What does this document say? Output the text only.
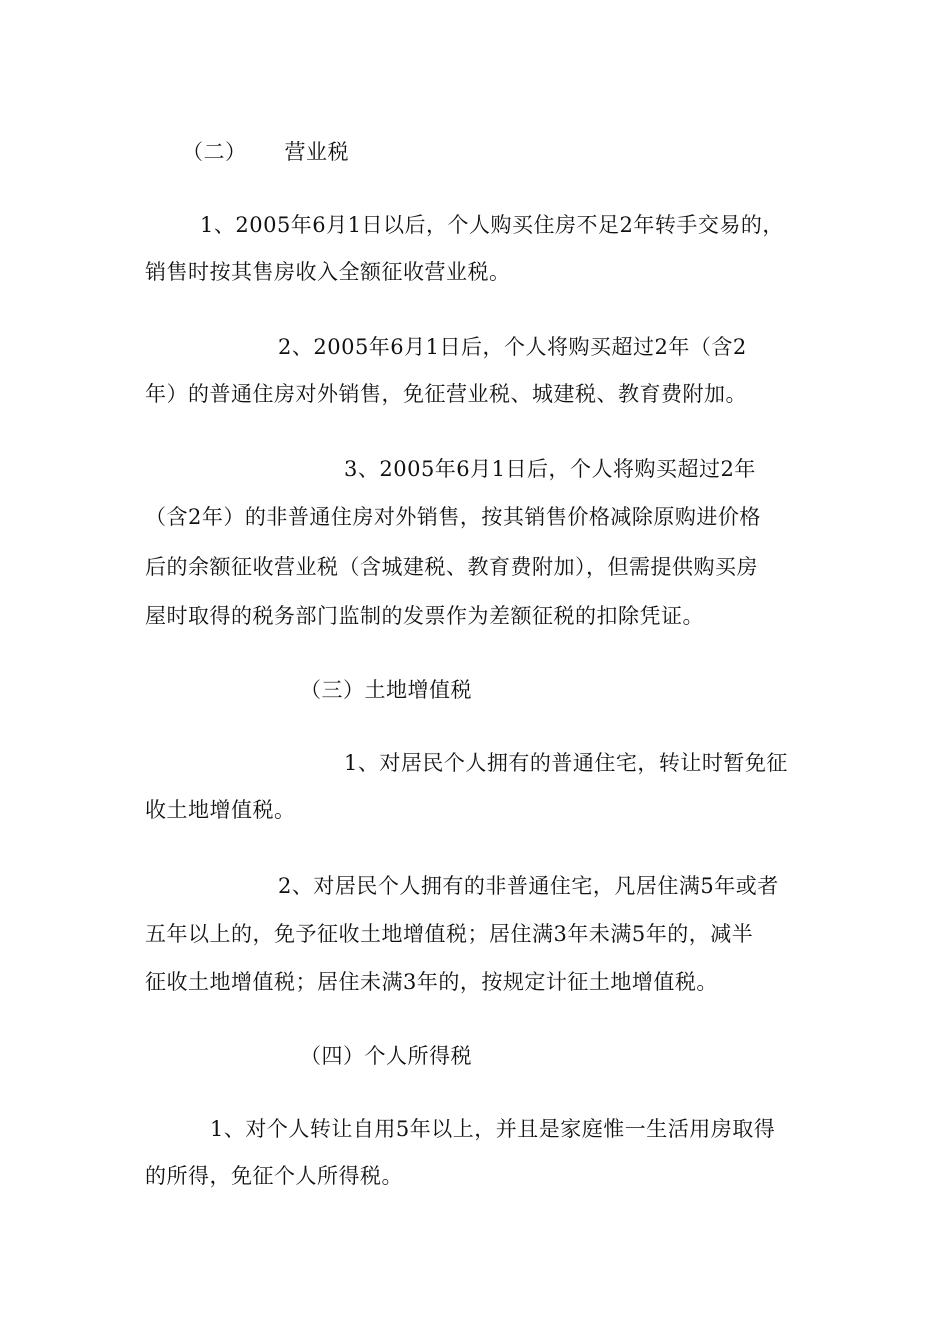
（二） 营业税
1、2005年6月1日以后，个人购买住房不足2年转手交易的，
销售时按其售房收入全额征收营业税。
2、2005年6月1日后，个人将购买超过2年（含2
年）的普通住房对外销售，免征营业税、城建税、教育费附加。
3、2005年6月1日后，个人将购买超过2年
（含2年）的非普通住房对外销售，按其销售价格减除原购进价格
后的余额征收营业税（含城建税、教育费附加），但需提供购买房
屋时取得的税务部门监制的发票作为差额征税的扣除凭证。
（三）土地增值税
1、对居民个人拥有的普通住宅，转让时暂免征
收土地增值税。
2、对居民个人拥有的非普通住宅，凡居住满5年或者
五年以上的，免予征收土地增值税；居住满3年未满5年的，减半
征收土地增值税；居住未满3年的，按规定计征土地增值税。
（四）个人所得税
1、对个人转让自用5年以上，并且是家庭惟一生活用房取得
的所得，免征个人所得税。
